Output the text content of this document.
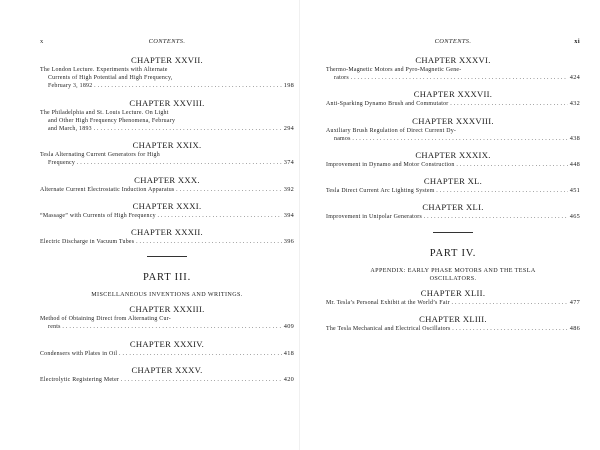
x	CONTENTS.
CHAPTER XXVII.
The London Lecture. Experiments with Alternate
Currents of High Potential and High Frequency,
February 3, 1892 . . .	198
CHAPTER XXVIII.
The Philadelphia and St. Louis Lecture. On Light
and Other High Frequency Phenomena, February
and March, 1893 . . .	294
CHAPTER XXIX.
Tesla Alternating Current Generators for High
Frequency . . .	374
CHAPTER XXX.
Alternate Current Electrostatic Induction Apparatus . . .	392
CHAPTER XXXI.
“Massage” with Currents of High Frequency . . .	394
CHAPTER XXXII.
Electric Discharge in Vacuum Tubes . . .	396
PART III.
MISCELLANEOUS INVENTIONS AND WRITINGS.
CHAPTER XXXIII.
Method of Obtaining Direct from Alternating Cur-
rents . . .	409
CHAPTER XXXIV.
Condensers with Plates in Oil . . .	418
CHAPTER XXXV.
Electrolytic Registering Meter . . .	420
CONTENTS.	xi
CHAPTER XXXVI.
Thermo-Magnetic Motors and Pyro-Magnetic Gene-
rators . . .	424
CHAPTER XXXVII.
Anti-Sparking Dynamo Brush and Commutator . . .	432
CHAPTER XXXVIII.
Auxiliary Brush Regulation of Direct Current Dy-
namos . . .	438
CHAPTER XXXIX.
Improvement in Dynamo and Motor Construction . . .	448
CHAPTER XL.
Tesla Direct Current Arc Lighting System . . .	451
CHAPTER XLI.
Improvement in Unipolar Generators . . .	465
PART IV.
APPENDIX: EARLY PHASE MOTORS AND THE TESLA
OSCILLATORS.
CHAPTER XLII.
Mr. Tesla’s Personal Exhibit at the World’s Fair . . .	477
CHAPTER XLIII.
The Tesla Mechanical and Electrical Oscillators . . .	486
